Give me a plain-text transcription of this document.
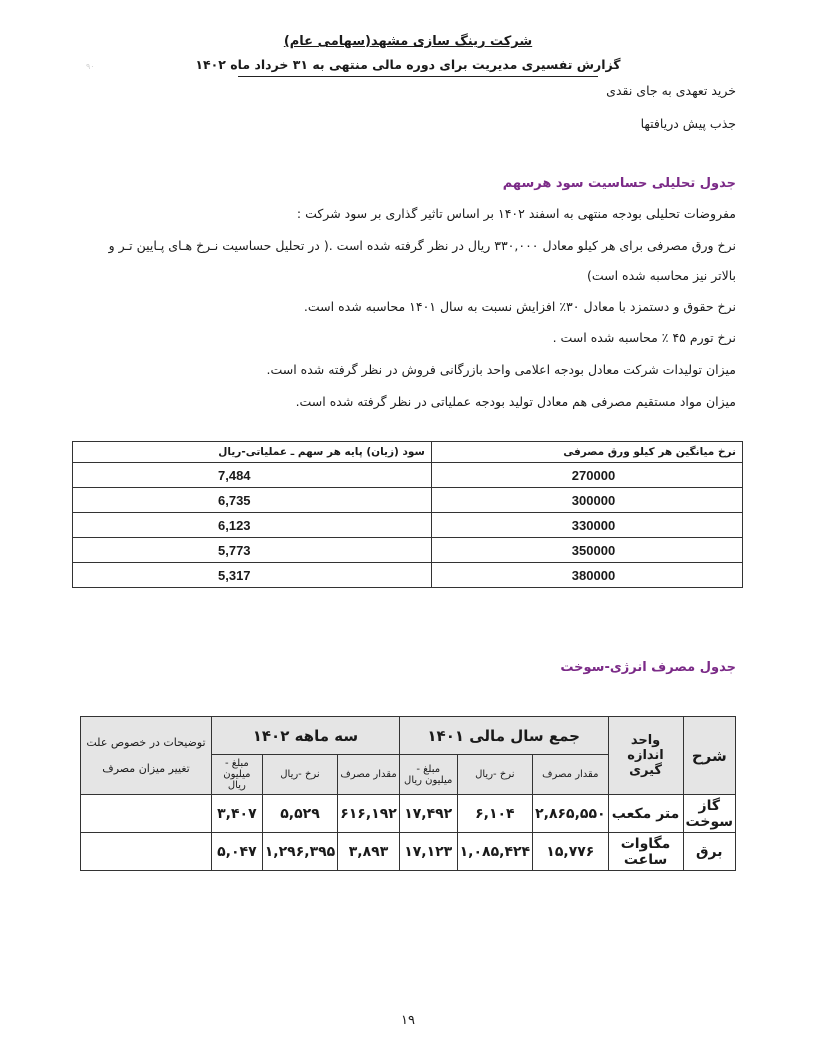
شرکت رینگ سازی مشهد(سهامی عام)
گزارش تفسیری مدیریت برای دوره مالی منتهی به ۳۱ خرداد ماه ۱۴۰۲
۹۰
خرید تعهدی به جای نقدی
جذب پیش دریافتها
جدول تحلیلی حساسیت سود هرسهم
مفروضات تحلیلی بودجه منتهی به اسفند ۱۴۰۲ بر اساس تاثیر گذاری بر سود شرکت :
نرخ ورق مصرفی برای هر کیلو معادل ۳۳۰,۰۰۰ ریال در نظر گرفته شده است .( در تحلیل حساسیت نـرخ هـای پـایین تـر و
بالاتر نیز محاسبه شده است)
نرخ حقوق و دستمزد با معادل ۳۰٪ افزایش نسبت به سال ۱۴۰۱ محاسبه شده است.
نرخ تورم ۴۵ ٪ محاسبه شده است .
میزان تولیدات شرکت معادل بودجه اعلامی واحد بازرگانی فروش در نظر گرفته شده است.
میزان مواد مستقیم مصرفی هم معادل تولید بودجه عملیاتی در نظر گرفته شده است.
نرخ میانگین هر کیلو ورق مصرفی	سود (زیان) پایه هر سهم ـ عملیاتی-ریال
270000	7,484
300000	6,735
330000	6,123
350000	5,773
380000	5,317
جدول مصرف انرژی-سوخت
شرح	واحد اندازه گیری	جمع سال مالی ۱۴۰۱			سه ماهه ۱۴۰۲			توضیحات در خصوص علت تغییر میزان مصرف
		مقدار مصرف	نرخ -ریال	مبلغ - میلیون ریال	مقدار مصرف	نرخ -ریال	مبلغ - میلیون ریال	
گاز سوخت	متر مکعب	۲,۸۶۵,۵۵۰	۶,۱۰۴	۱۷,۴۹۲	۶۱۶,۱۹۲	۵,۵۲۹	۳,۴۰۷	
برق	مگاوات ساعت	۱۵,۷۷۶	۱,۰۸۵,۴۲۴	۱۷,۱۲۳	۳,۸۹۳	۱,۲۹۶,۳۹۵	۵,۰۴۷	
۱۹
